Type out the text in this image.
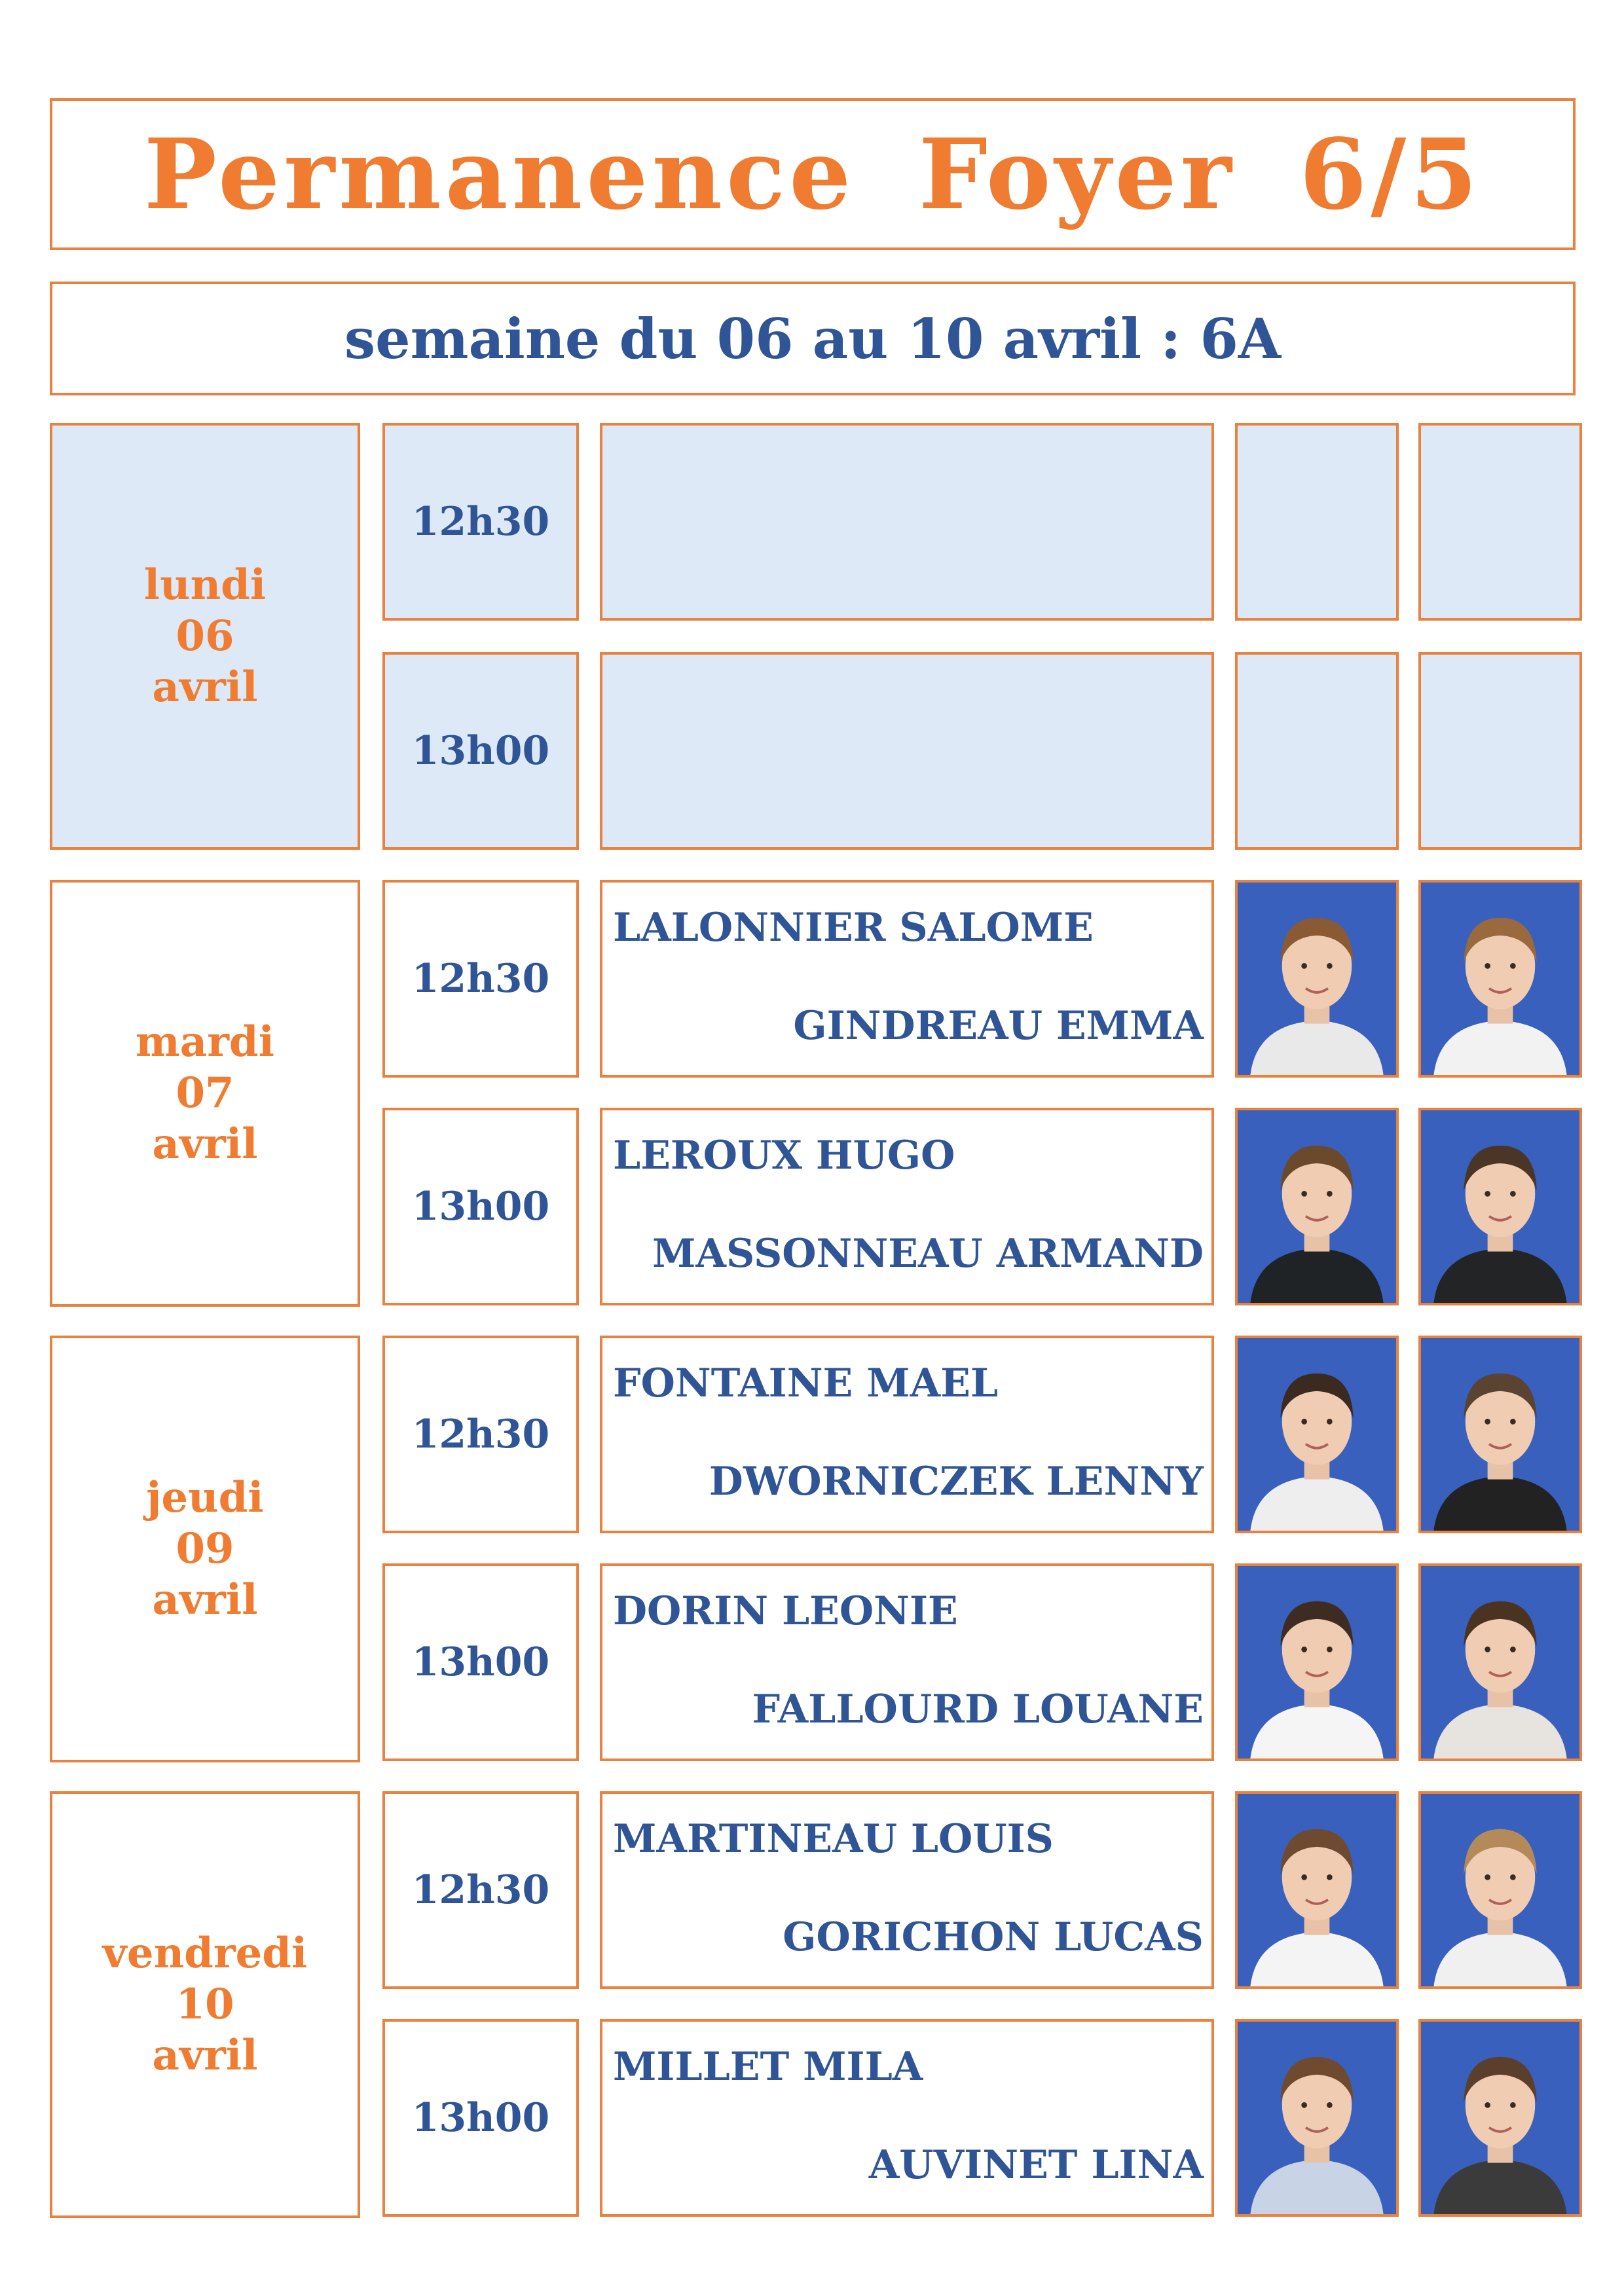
Permanence Foyer 6/5
semaine du 06 au 10 avril : 6A
lundi
06
avril
12h30
13h00
mardi
07
avril
12h30
LALONNIER SALOME
GINDREAU EMMA
13h00
LEROUX HUGO
MASSONNEAU ARMAND
jeudi
09
avril
12h30
FONTAINE MAEL
DWORNICZEK LENNY
13h00
DORIN LEONIE
FALLOURD LOUANE
vendredi
10
avril
12h30
MARTINEAU LOUIS
GORICHON LUCAS
13h00
MILLET MILA
AUVINET LINA
